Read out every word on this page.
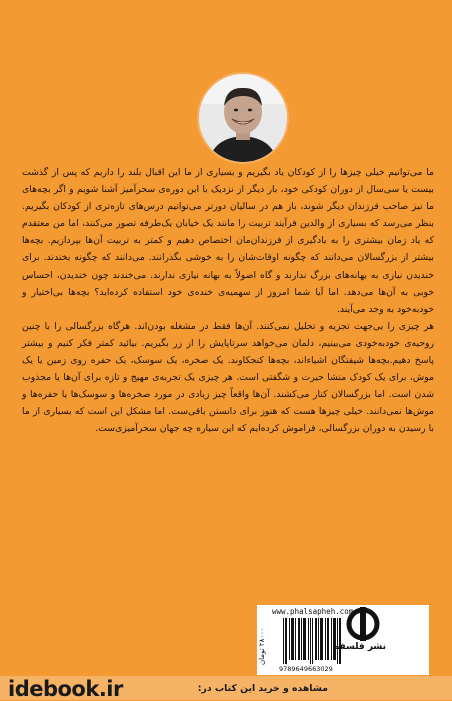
ما می‌توانیم خیلی چیزها را از کودکان یاد بگیریم و بسیاری از ما این اقبال بلند را داریم که پس از گذشت بیست یا سی‌سال از دوران کودکی خود، بار دیگر از نزدیک با این دوره‌ی سحرآمیز آشنا شویم و اگر بچه‌های ما نیز صاحب فرزندان دیگر شوند، باز هم در سالیان دورتر می‌توانیم درس‌های تازه‌تری از کودکان بگیریم. بنظر می‌رسد که بسیاری از والدین فرآیند تربیت را مانند یک خیابان یک‌طرفه تصور می‌کنند، اما من معتقدم که یاد زمان بیشتری را به یادگیری از فرزندان‌مان اختصاص دهیم و کمتر به تربیت آن‌ها بپردازیم. بچه‌ها بیشتر از بزرگسالان می‌دانند که چگونه اوقات‌شان را به خوشی بگذرانند. می‌دانند که چگونه بخندند. برای خندیدن نیازی به بهانه‌های بزرگ ندارند و گاه اصولاً به بهانه نیازی ندارند. می‌خندند چون خندیدن، احساس خوبی به آن‌ها می‌دهد. اما آیا شما امروز از سهمیه‌ی خنده‌ی خود استفاده کرده‌اید؟ بچه‌ها بی‌اختیار و خودبه‌خود به وجد می‌آیند.

هر چیزی را بی‌جهت تجزیه و تحلیل نمی‌کنند. آن‌ها فقط در مشغله بودن‌اند. هرگاه بزرگسالی را با چنین روحیه‌ی خودبه‌خودی می‌بینیم، دلمان می‌خواهد سرتاپایش را از زر بگیریم. بیائید کمتر فکر کنیم و بیشتر پاسخ دهیم.بچه‌ها شیفتگان اشیاء‌اند، بچه‌ها کنجکاوند. یک صخره، یک سوسک، یک حفره روی زمین یا یک موش، برای یک کودک منشا حیرت و شگفتی است. هر چیزی یک تجربه‌ی مهیج و تازه برای آن‌ها یا مجذوب شدن است. اما بزرگسالان کنار می‌کشند. آن‌ها واقعاً چیز زیادی در مورد صخره‌ها و سوسک‌ها یا حفره‌ها و موش‌ها نمی‌دانند. خیلی چیزها هست که هنوز برای دانستن باقی‌ست. اما مشکل این است که بسیاری از ما با رسیدن به دوران بزرگسالی، فراموش کرده‌ایم که این سیاره چه جهان سحرآمیزی‌ست.

www.phalsapheh.com
۲۸۰۰۰ تومان
9789649663029
نشر فلسفه
idebook.ir	مشاهده و خرید این کتاب در:
